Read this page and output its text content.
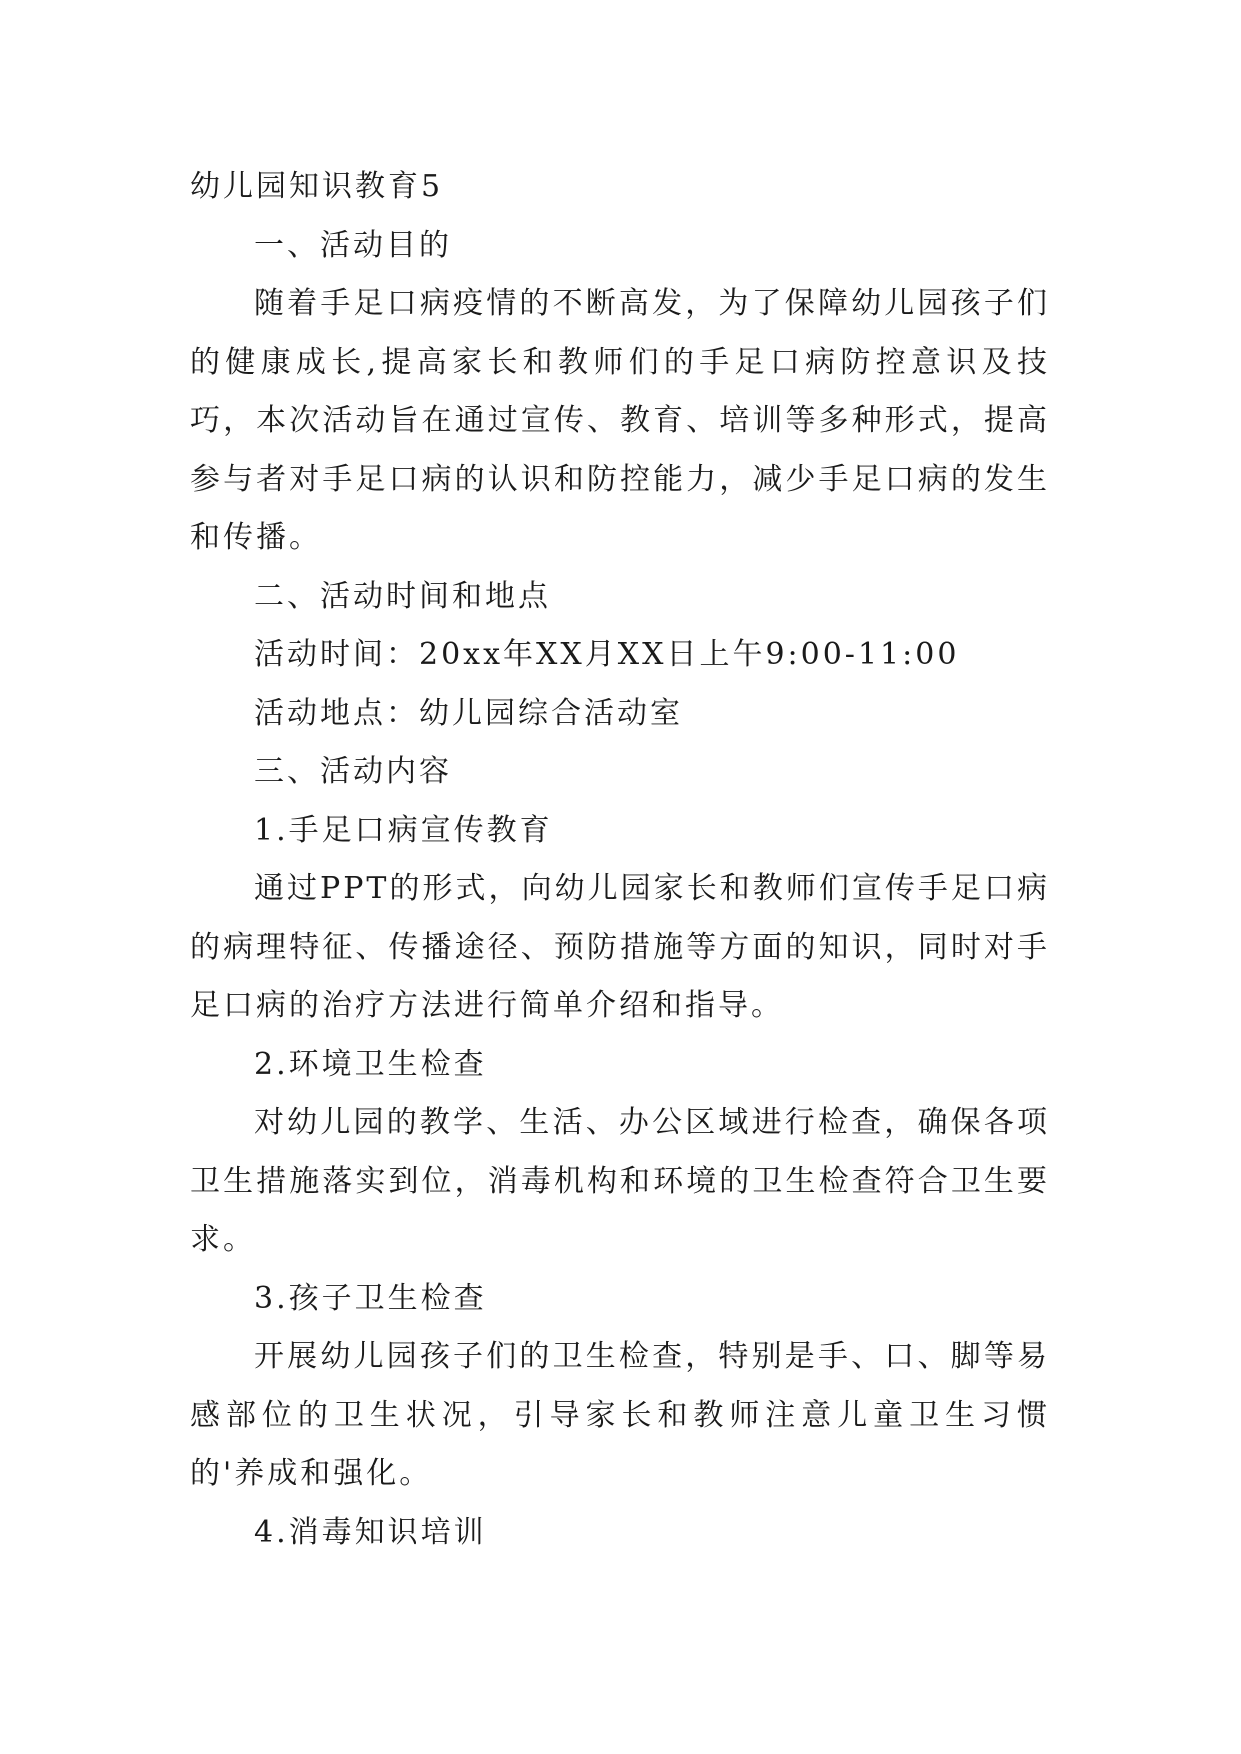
幼儿园知识教育5

一、活动目的

随着手足口病疫情的不断高发，为了保障幼儿园孩子们的健康成长,提高家长和教师们的手足口病防控意识及技巧，本次活动旨在通过宣传、教育、培训等多种形式，提高参与者对手足口病的认识和防控能力，减少手足口病的发生和传播。

二、活动时间和地点

活动时间：20xx年XX月XX日上午9:00-11:00

活动地点：幼儿园综合活动室

三、活动内容

1.手足口病宣传教育

通过PPT的形式，向幼儿园家长和教师们宣传手足口病的病理特征、传播途径、预防措施等方面的知识，同时对手足口病的治疗方法进行简单介绍和指导。

2.环境卫生检查

对幼儿园的教学、生活、办公区域进行检查，确保各项卫生措施落实到位，消毒机构和环境的卫生检查符合卫生要求。

3.孩子卫生检查

开展幼儿园孩子们的卫生检查，特别是手、口、脚等易感部位的卫生状况，引导家长和教师注意儿童卫生习惯的'养成和强化。

4.消毒知识培训
